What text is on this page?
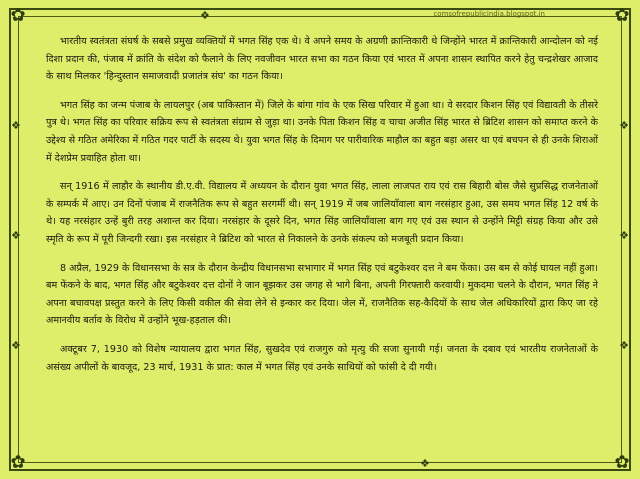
✿	✿
✿	✿
❖
❖
❖
❖
❖
❖
❖
❖
comsofrepublicindia.blogspot.in

भारतीय स्वतंत्रता संघर्ष के सबसे प्रमुख व्यक्तियों में भगत सिंह एक थे। वे अपने समय के अग्रणी क्रान्तिकारी थे जिन्होंने भारत में क्रान्तिकारी आन्दोलन को नई दिशा प्रदान की, पंजाब में क्रांति के संदेश को फैलाने के लिए नवजीवन भारत सभा का गठन किया एवं भारत में अपना शासन स्थापित करने हेतु चन्द्रशेखर आजाद के साथ मिलकर 'हिन्दुस्तान समाजवादी प्रजातंत्र संघ' का गठन किया।

भगत सिंह का जन्म पंजाब के लायलपुर (अब पाकिस्तान में) जिले के बांगा गांव के एक सिख परिवार में हुआ था। वे सरदार किशन सिंह एवं विद्यावती के तीसरे पुत्र थे। भगत सिंह का परिवार सक्रिय रूप से स्वतंत्रता संग्राम से जुड़ा था। उनके पिता किशन सिंह व चाचा अजीत सिंह भारत से ब्रिटिश शासन को समाप्त करने के उद्देश्य से गठित अमेरिका में गठित गदर पार्टी के सदस्य थे। युवा भगत सिंह के दिमाग पर पारीवारिक माहौल का बहुत बड़ा असर था एवं बचपन से ही उनके शिराओं में देशप्रेम प्रवाहित होता था।

सन् 1916 में लाहौर के स्थानीय डी.ए.वी. विद्यालय में अध्ययन के दौरान युवा भगत सिंह, लाला लाजपत राय एवं रास बिहारी बोस जैसे सुप्रसिद्ध राजनेताओं के सम्पर्क में आए। उन दिनों पंजाब में राजनैतिक रूप से बहुत सरगर्मी थी। सन् 1919 में जब जालियाँवाला बाग नरसंहार हुआ, उस समय भगत सिंह 12 वर्ष के थे। यह नरसंहार उन्हें बुरी तरह अशान्त कर दिया। नरसंहार के दूसरे दिन, भगत सिंह जालियाँवाला बाग गए एवं उस स्थान से उन्होंने मिट्टी संग्रह किया और उसे स्मृति के रूप में पूरी जिन्दगी रखा। इस नरसंहार ने ब्रिटिश को भारत से निकालने के उनके संकल्प को मजबूती प्रदान किया।

8 अप्रैल, 1929 के विधानसभा के सत्र के दौरान केन्द्रीय विधानसभा सभागार में भगत सिंह एवं बटुकेश्वर दत्त ने बम फेंका। उस बम से कोई घायल नहीं हुआ। बम फेंकने के बाद, भगत सिंह और बटुकेश्वर दत्त दोनों ने जान बूझकर उस जगह से भागे बिना, अपनी गिरफ्तारी करवायी। मुकदमा चलने के दौरान, भगत सिंह ने अपना बचावपक्ष प्रस्तुत करने के लिए किसी वकील की सेवा लेने से इन्कार कर दिया। जेल में, राजनैतिक सह-कैदियों के साथ जेल अधिकारियों द्वारा किए जा रहे अमानवीय बर्ताव के विरोध में उन्होंने भूख-हड़ताल की।

अक्टूबर 7, 1930 को विशेष न्यायालय द्वारा भगत सिंह, सुखदेव एवं राजगुरु को मृत्यु की सजा सुनायी गई। जनता के दबाव एवं भारतीय राजनेताओं के असंख्य अपीलों के बावजूद, 23 मार्च, 1931 के प्रात: काल में भगत सिंह एवं उनके साथियों को फांसी दे दी गयी।
